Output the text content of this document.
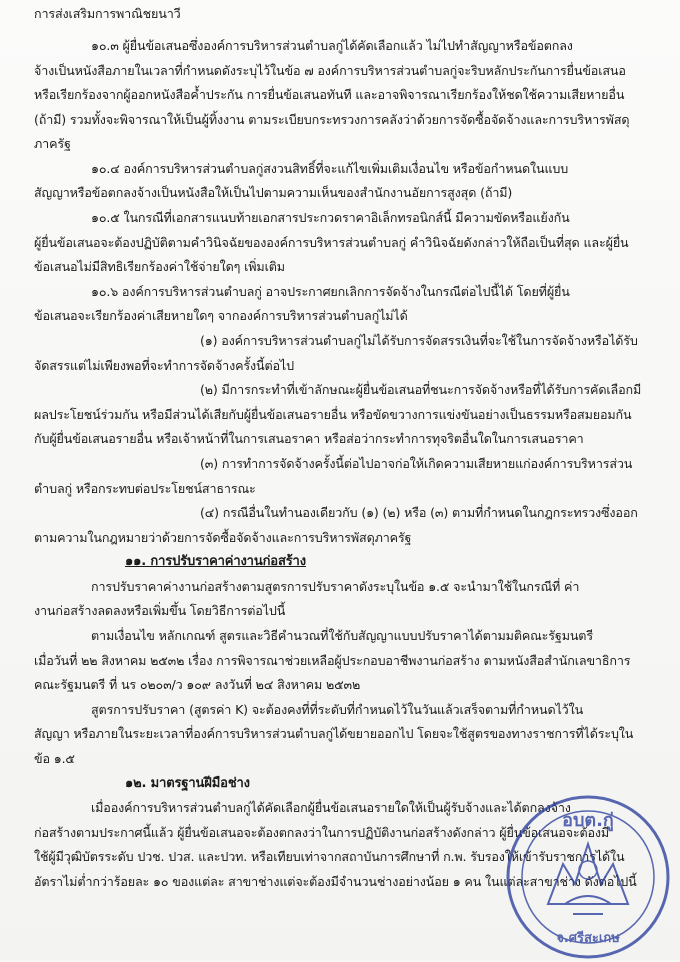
การส่งเสริมการพาณิชยนาวี
๑๐.๓ ผู้ยื่นข้อเสนอซึ่งองค์การบริหารส่วนตำบลกู่ได้คัดเลือกแล้ว ไม่ไปทำสัญญาหรือข้อตกลง
จ้างเป็นหนังสือภายในเวลาที่กำหนดดังระบุไว้ในข้อ ๗ องค์การบริหารส่วนตำบลกู่จะริบหลักประกันการยื่นข้อเสนอ
หรือเรียกร้องจากผู้ออกหนังสือค้ำประกัน การยื่นข้อเสนอทันที และอาจพิจารณาเรียกร้องให้ชดใช้ความเสียหายอื่น
(ถ้ามี) รวมทั้งจะพิจารณาให้เป็นผู้ทิ้งงาน ตามระเบียบกระทรวงการคลังว่าด้วยการจัดซื้อจัดจ้างและการบริหารพัสดุ
ภาครัฐ
๑๐.๔ องค์การบริหารส่วนตำบลกู่สงวนสิทธิ์ที่จะแก้ไขเพิ่มเติมเงื่อนไข หรือข้อกำหนดในแบบ
สัญญาหรือข้อตกลงจ้างเป็นหนังสือให้เป็นไปตามความเห็นของสำนักงานอัยการสูงสุด (ถ้ามี)
๑๐.๕ ในกรณีที่เอกสารแนบท้ายเอกสารประกวดราคาอิเล็กทรอนิกส์นี้ มีความขัดหรือแย้งกัน
ผู้ยื่นข้อเสนอจะต้องปฏิบัติตามคำวินิจฉัยขององค์การบริหารส่วนตำบลกู่ คำวินิจฉัยดังกล่าวให้ถือเป็นที่สุด และผู้ยื่น
ข้อเสนอไม่มีสิทธิเรียกร้องค่าใช้จ่ายใดๆ เพิ่มเติม
๑๐.๖ องค์การบริหารส่วนตำบลกู่ อาจประกาศยกเลิกการจัดจ้างในกรณีต่อไปนี้ได้ โดยที่ผู้ยื่น
ข้อเสนอจะเรียกร้องค่าเสียหายใดๆ จากองค์การบริหารส่วนตำบลกู่ไม่ได้
(๑) องค์การบริหารส่วนตำบลกู่ไม่ได้รับการจัดสรรเงินที่จะใช้ในการจัดจ้างหรือได้รับ
จัดสรรแต่ไม่เพียงพอที่จะทำการจัดจ้างครั้งนี้ต่อไป
(๒) มีการกระทำที่เข้าลักษณะผู้ยื่นข้อเสนอที่ชนะการจัดจ้างหรือที่ได้รับการคัดเลือกมี
ผลประโยชน์ร่วมกัน หรือมีส่วนได้เสียกับผู้ยื่นข้อเสนอรายอื่น หรือขัดขวางการแข่งขันอย่างเป็นธรรมหรือสมยอมกัน
กับผู้ยื่นข้อเสนอรายอื่น หรือเจ้าหน้าที่ในการเสนอราคา หรือส่อว่ากระทำการทุจริตอื่นใดในการเสนอราคา
(๓) การทำการจัดจ้างครั้งนี้ต่อไปอาจก่อให้เกิดความเสียหายแก่องค์การบริหารส่วน
ตำบลกู่ หรือกระทบต่อประโยชน์สาธารณะ
(๔) กรณีอื่นในทำนองเดียวกับ (๑) (๒) หรือ (๓) ตามที่กำหนดในกฎกระทรวงซึ่งออก
ตามความในกฎหมายว่าด้วยการจัดซื้อจัดจ้างและการบริหารพัสดุภาครัฐ
๑๑. การปรับราคาค่างานก่อสร้าง
การปรับราคาค่างานก่อสร้างตามสูตรการปรับราคาดังระบุในข้อ ๑.๕ จะนำมาใช้ในกรณีที่ ค่า
งานก่อสร้างลดลงหรือเพิ่มขึ้น โดยวิธีการต่อไปนี้
ตามเงื่อนไข หลักเกณฑ์ สูตรและวิธีคำนวณที่ใช้กับสัญญาแบบปรับราคาได้ตามมติคณะรัฐมนตรี
เมื่อวันที่ ๒๒ สิงหาคม ๒๕๓๒ เรื่อง การพิจารณาช่วยเหลือผู้ประกอบอาชีพงานก่อสร้าง ตามหนังสือสำนักเลขาธิการ
คณะรัฐมนตรี ที่ นร ๐๒๐๓/ว ๑๐๙ ลงวันที่ ๒๔ สิงหาคม ๒๕๓๒
สูตรการปรับราคา (สูตรค่า K) จะต้องคงที่ที่ระดับที่กำหนดไว้ในวันแล้วเสร็จตามที่กำหนดไว้ใน
สัญญา หรือภายในระยะเวลาที่องค์การบริหารส่วนตำบลกู่ได้ขยายออกไป โดยจะใช้สูตรของทางราชการที่ได้ระบุใน
ข้อ ๑.๕
๑๒. มาตรฐานฝีมือช่าง
เมื่อองค์การบริหารส่วนตำบลกู่ได้คัดเลือกผู้ยื่นข้อเสนอรายใดให้เป็นผู้รับจ้างและได้ตกลงจ้าง
ก่อสร้างตามประกาศนี้แล้ว ผู้ยื่นข้อเสนอจะต้องตกลงว่าในการปฏิบัติงานก่อสร้างดังกล่าว ผู้ยื่นข้อเสนอจะต้องมี
ใช้ผู้มีวุฒิบัตรระดับ ปวช. ปวส. และปวท. หรือเทียบเท่าจากสถาบันการศึกษาที่ ก.พ. รับรองให้เข้ารับราชการได้ใน
อัตราไม่ต่ำกว่าร้อยละ ๑๐ ของแต่ละ สาขาช่างแต่จะต้องมีจำนวนช่างอย่างน้อย ๑ คน ในแต่ละสาขาช่าง ดังต่อไปนี้
อบต.กู่
จ.ศรีสะเกษ
